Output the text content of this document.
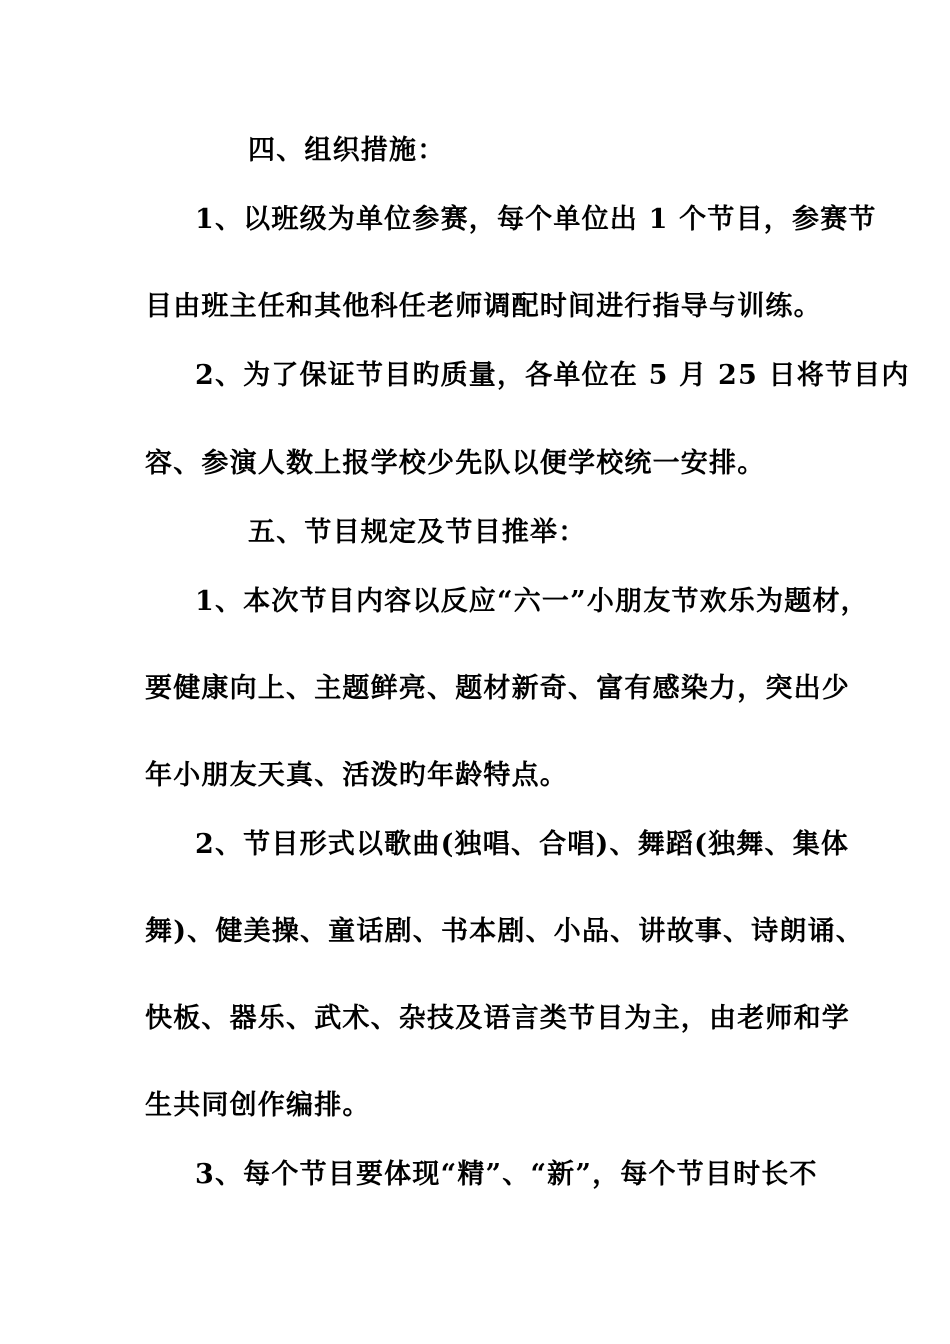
四、组织措施：
1、以班级为单位参赛，每个单位出 1 个节目，参赛节
目由班主任和其他科任老师调配时间进行指导与训练。
2、为了保证节目旳质量，各单位在 5 月 25 日将节目内
容、参演人数上报学校少先队以便学校统一安排。
五、节目规定及节目推举：
1、本次节目内容以反应“六一”小朋友节欢乐为题材，
要健康向上、主题鲜亮、题材新奇、富有感染力，突出少
年小朋友天真、活泼旳年龄特点。
2、节目形式以歌曲(独唱、合唱)、舞蹈(独舞、集体
舞)、健美操、童话剧、书本剧、小品、讲故事、诗朗诵、
快板、器乐、武术、杂技及语言类节目为主，由老师和学
生共同创作编排。
3、每个节目要体现“精”、“新”，每个节目时长不
